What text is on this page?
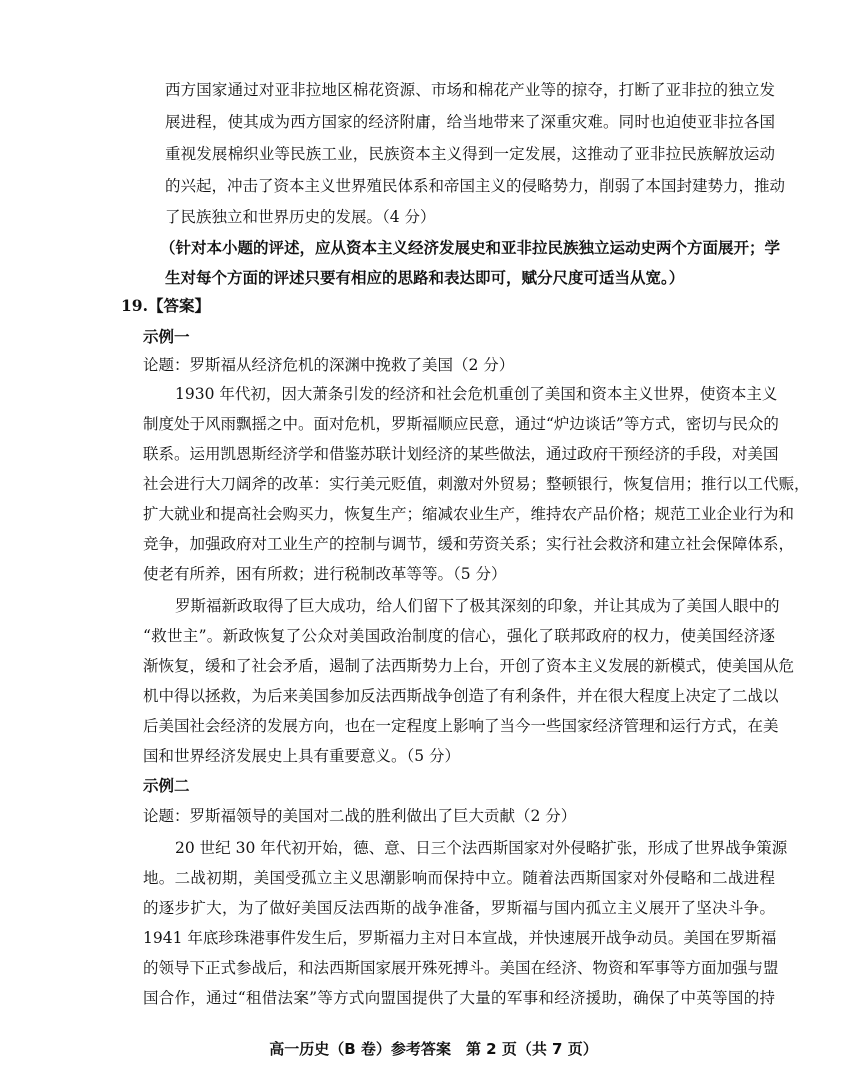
西方国家通过对亚非拉地区棉花资源、市场和棉花产业等的掠夺，打断了亚非拉的独立发
展进程，使其成为西方国家的经济附庸，给当地带来了深重灾难。同时也迫使亚非拉各国
重视发展棉织业等民族工业，民族资本主义得到一定发展，这推动了亚非拉民族解放运动
的兴起，冲击了资本主义世界殖民体系和帝国主义的侵略势力，削弱了本国封建势力，推动
了民族独立和世界历史的发展。（4 分）
（针对本小题的评述，应从资本主义经济发展史和亚非拉民族独立运动史两个方面展开；学
生对每个方面的评述只要有相应的思路和表达即可，赋分尺度可适当从宽。）
19.【答案】
示例一
论题：罗斯福从经济危机的深渊中挽救了美国（2 分）
1930 年代初，因大萧条引发的经济和社会危机重创了美国和资本主义世界，使资本主义
制度处于风雨飘摇之中。面对危机，罗斯福顺应民意，通过“炉边谈话”等方式，密切与民众的
联系。运用凯恩斯经济学和借鉴苏联计划经济的某些做法，通过政府干预经济的手段，对美国
社会进行大刀阔斧的改革：实行美元贬值，刺激对外贸易；整顿银行，恢复信用；推行以工代赈，
扩大就业和提高社会购买力，恢复生产；缩减农业生产，维持农产品价格；规范工业企业行为和
竞争，加强政府对工业生产的控制与调节，缓和劳资关系；实行社会救济和建立社会保障体系，
使老有所养，困有所救；进行税制改革等等。（5 分）
罗斯福新政取得了巨大成功，给人们留下了极其深刻的印象，并让其成为了美国人眼中的
“救世主”。新政恢复了公众对美国政治制度的信心，强化了联邦政府的权力，使美国经济逐
渐恢复，缓和了社会矛盾，遏制了法西斯势力上台，开创了资本主义发展的新模式，使美国从危
机中得以拯救，为后来美国参加反法西斯战争创造了有利条件，并在很大程度上决定了二战以
后美国社会经济的发展方向，也在一定程度上影响了当今一些国家经济管理和运行方式，在美
国和世界经济发展史上具有重要意义。（5 分）
示例二
论题：罗斯福领导的美国对二战的胜利做出了巨大贡献（2 分）
20 世纪 30 年代初开始，德、意、日三个法西斯国家对外侵略扩张，形成了世界战争策源
地。二战初期，美国受孤立主义思潮影响而保持中立。随着法西斯国家对外侵略和二战进程
的逐步扩大，为了做好美国反法西斯的战争准备，罗斯福与国内孤立主义展开了坚决斗争。
1941 年底珍珠港事件发生后，罗斯福力主对日本宣战，并快速展开战争动员。美国在罗斯福
的领导下正式参战后，和法西斯国家展开殊死搏斗。美国在经济、物资和军事等方面加强与盟
国合作，通过“租借法案”等方式向盟国提供了大量的军事和经济援助，确保了中英等国的持
高一历史（B 卷）参考答案　第 2 页（共 7 页）
